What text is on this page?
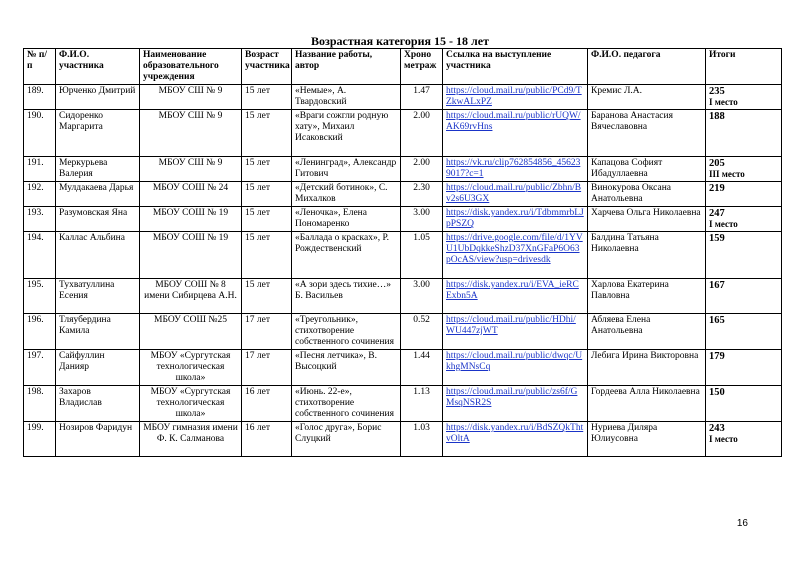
Возрастная категория 15 - 18 лет
№ п/п	Ф.И.О. участника	Наименование образовательного учреждения	Возраст участника	Название работы, автор	Хроно метраж	Ссылка на выступление участника	Ф.И.О. педагога	Итоги
189.	Юрченко Дмитрий	МБОУ СШ № 9	15 лет	«Немые», А. Твардовский	1.47	https://cloud.mail.ru/public/PCd9/TZkwALxPZ	Кремис Л.А.	235
I место

190.	Сидоренко Маргарита	МБОУ СШ № 9	15 лет	«Враги сожгли родную хату», Михаил Исаковский	2.00	https://cloud.mail.ru/public/rUQW/AK69rvHns	Баранова Анастасия Вячеславовна	188

191.	Меркурьева Валерия	МБОУ СШ № 9	15 лет	«Ленинград», Александр Гитович	2.00	https://vk.ru/clip762854856_456239017?c=1	Капацова Софият Ибадуллаевна	205
III место

192.	Мулдакаева Дарья	МБОУ СОШ № 24	15 лет	«Детский ботинок», С. Михалков	2.30	https://cloud.mail.ru/public/Zbhn/Bv2s6U3GX	Винокурова Оксана Анатольевна	219

193.	Разумовская Яна	МБОУ СОШ № 19	15 лет	«Леночка», Елена Пономаренко	3.00	https://disk.yandex.ru/i/TdbmmrbLJpPSZQ	Харчева Ольга Николаевна	247
I место

194.	Каллас Альбина	МБОУ СОШ № 19	15 лет	«Баллада о красках», Р. Рождественский	1.05	https://drive.google.com/file/d/1YVU1UbDqkkeShzD37XnGFaP6O63pOcAS/view?usp=drivesdk	Балдина Татьяна Николаевна	159

195.	Тухватуллина Есения	МБОУ СОШ № 8 имени Сибирцева А.Н.	15 лет	«А зори здесь тихие…» Б. Васильев	3.00	https://disk.yandex.ru/i/EVA_ieRCExbn5A	Харлова Екатерина Павловна	167

196.	Тляубердина Камила	МБОУ СОШ №25	17 лет	«Треугольник», стихотворение собственного сочинения	0.52	https://cloud.mail.ru/public/HDhi/WU447zjWT	Абляева Елена Анатольевна	165

197.	Сайфуллин Данияр	МБОУ «Сургутская технологическая школа»	17 лет	«Песня летчика», В. Высоцкий	1.44	https://cloud.mail.ru/public/dwqc/UkhgMNsCq	Лебига Ирина Викторовна	179

198.	Захаров Владислав	МБОУ «Сургутская технологическая школа»	16 лет	«Июнь. 22-е», стихотворение собственного сочинения	1.13	https://cloud.mail.ru/public/zs6f/GMsqNSR2S	Гордеева Алла Николаевна	150

199.	Нозиров Фаридун	МБОУ гимназия имени Ф. К. Салманова	16 лет	«Голос друга», Борис Слуцкий	1.03	https://disk.yandex.ru/i/BdSZQkThtvOltA	Нуриева Диляра Юлиусовна	243
I место
16
